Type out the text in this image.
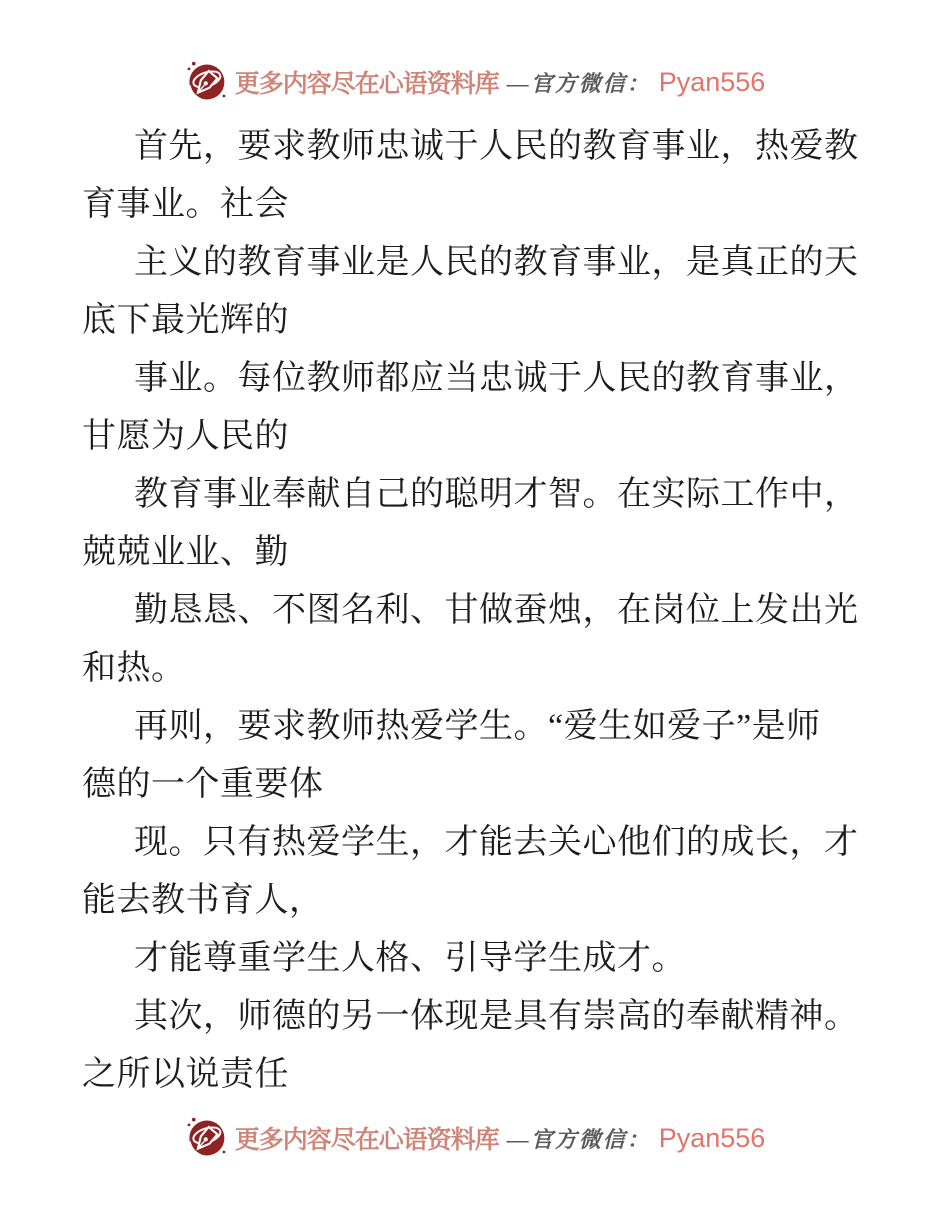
更多内容尽在心语资料库 —官方微信： Pyan556
首先，要求教师忠诚于人民的教育事业，热爱教
育事业。社会
主义的教育事业是人民的教育事业，是真正的天
底下最光辉的
事业。每位教师都应当忠诚于人民的教育事业，
甘愿为人民的
教育事业奉献自己的聪明才智。在实际工作中，
兢兢业业、勤
勤恳恳、不图名利、甘做蚕烛，在岗位上发出光
和热。
再则，要求教师热爱学生。“爱生如爱子”是师
德的一个重要体
现。只有热爱学生，才能去关心他们的成长，才
能去教书育人，
才能尊重学生人格、引导学生成才。
其次，师德的另一体现是具有崇高的奉献精神。
之所以说责任
更多内容尽在心语资料库 —官方微信： Pyan556
